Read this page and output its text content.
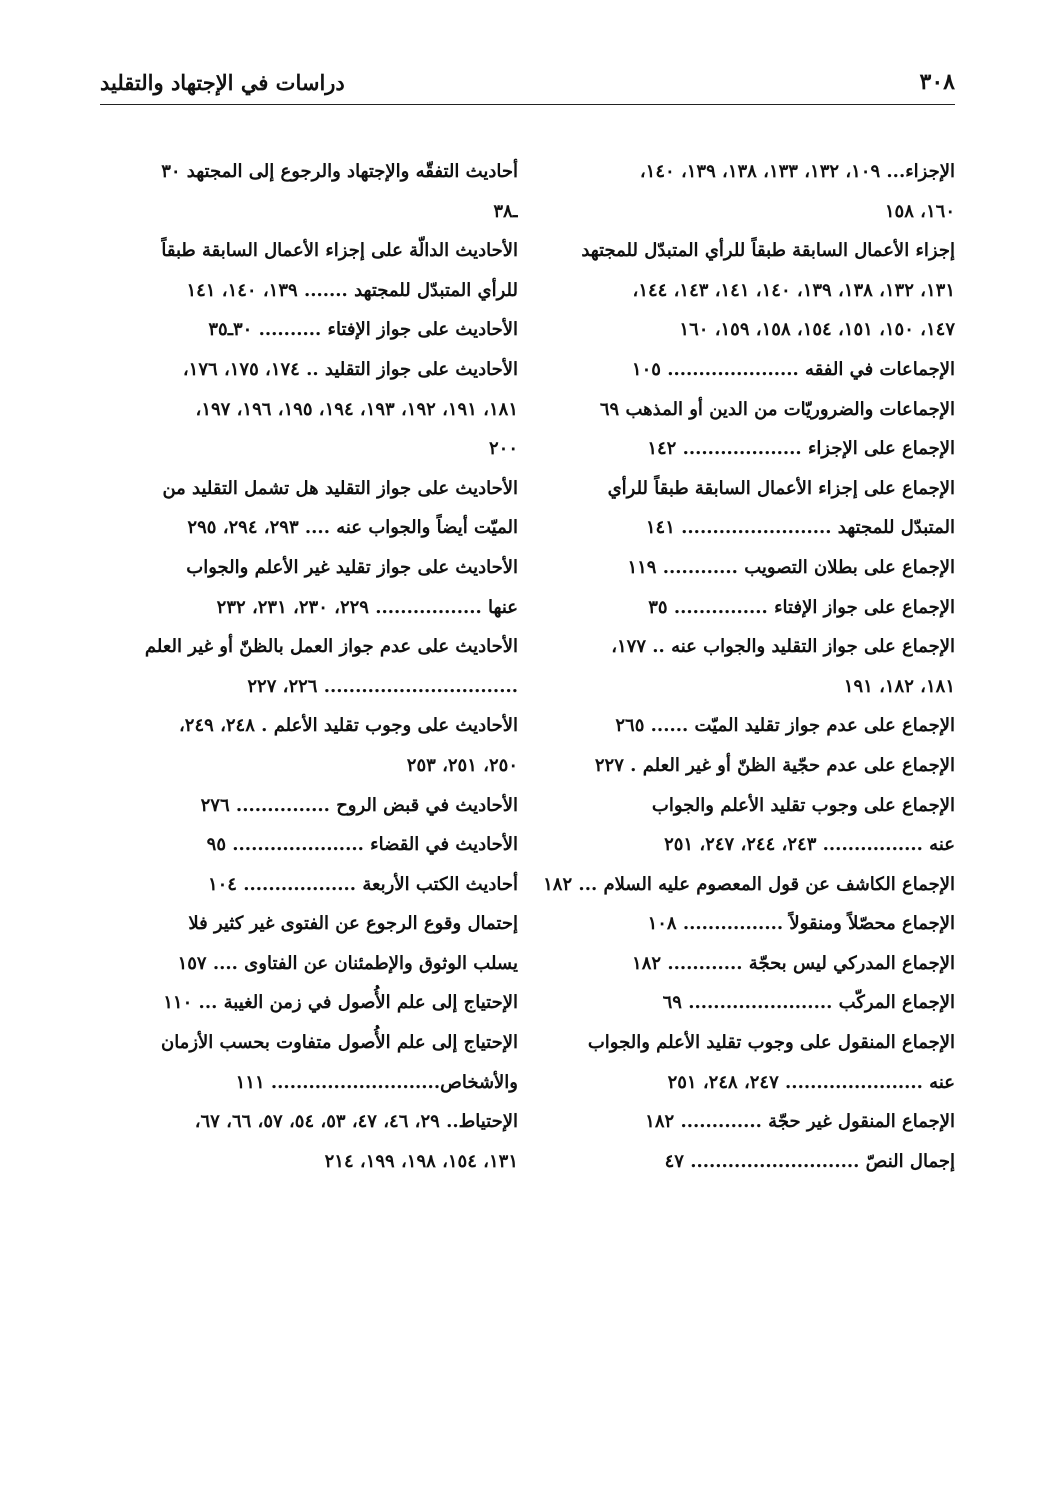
٣٠٨
دراسات في الإجتهاد والتقليد
الإجزاء... ١٠٩، ١٣٢، ١٣٣، ١٣٨، ١٣٩، ١٤٠،
١٦٠، ١٥٨
إجزاء الأعمال السابقة طبقاً للرأي المتبدّل للمجتهد
١٣١، ١٣٢، ١٣٨، ١٣٩، ١٤٠، ١٤١، ١٤٣، ١٤٤،
١٤٧، ١٥٠، ١٥١، ١٥٤، ١٥٨، ١٥٩، ١٦٠
الإجماعات في الفقه ..................... ١٠٥
الإجماعات والضروريّات من الدين أو المذهب ٦٩
الإجماع على الإجزاء ................... ١٤٢
الإجماع على إجزاء الأعمال السابقة طبقاً للرأي
المتبدّل للمجتهد ........................ ١٤١
الإجماع على بطلان التصويب ............ ١١٩
الإجماع على جواز الإفتاء ............... ٣٥
الإجماع على جواز التقليد والجواب عنه .. ١٧٧،
١٨١، ١٨٢، ١٩١
الإجماع على عدم جواز تقليد الميّت ...... ٢٦٥
الإجماع على عدم حجّية الظنّ أو غير العلم . ٢٢٧
الإجماع على وجوب تقليد الأعلم والجواب
عنه ................ ٢٤٣، ٢٤٤، ٢٤٧، ٢٥١
الإجماع الكاشف عن قول المعصوم عليه السلام ... ١٨٢
الإجماع محصّلاً ومنقولاً ................ ١٠٨
الإجماع المدركي ليس بحجّة ............ ١٨٢
الإجماع المركّب ....................... ٦٩
الإجماع المنقول على وجوب تقليد الأعلم والجواب
عنه ...................... ٢٤٧، ٢٤٨، ٢٥١
الإجماع المنقول غير حجّة ............. ١٨٢
إجمال النصّ ........................... ٤٧
أحاديث التفقّه والإجتهاد والرجوع إلى المجتهد ٣٠
ـ٣٨
الأحاديث الدالّة على إجزاء الأعمال السابقة طبقاً
للرأي المتبدّل للمجتهد ....... ١٣٩، ١٤٠، ١٤١
الأحاديث على جواز الإفتاء .......... ٣٠ـ٣٥
الأحاديث على جواز التقليد .. ١٧٤، ١٧٥، ١٧٦،
١٨١، ١٩١، ١٩٢، ١٩٣، ١٩٤، ١٩٥، ١٩٦، ١٩٧،
٢٠٠
الأحاديث على جواز التقليد هل تشمل التقليد من
الميّت أيضاً والجواب عنه .... ٢٩٣، ٢٩٤، ٢٩٥
الأحاديث على جواز تقليد غير الأعلم والجواب
عنها ................. ٢٢٩، ٢٣٠، ٢٣١، ٢٣٢
الأحاديث على عدم جواز العمل بالظنّ أو غير العلم
............................... ٢٢٦، ٢٢٧
الأحاديث على وجوب تقليد الأعلم . ٢٤٨، ٢٤٩،
٢٥٠، ٢٥١، ٢٥٣
الأحاديث في قبض الروح ............... ٢٧٦
الأحاديث في القضاء ..................... ٩٥
أحاديث الكتب الأربعة .................. ١٠٤
إحتمال وقوع الرجوع عن الفتوى غير كثير فلا
يسلب الوثوق والإطمئنان عن الفتاوى .... ١٥٧
الإحتياج إلى علم الأُصول في زمن الغيبة ... ١١٠
الإحتياج إلى علم الأُصول متفاوت بحسب الأزمان
والأشخاص........................... ١١١
الإحتياط.. ٢٩، ٤٦، ٤٧، ٥٣، ٥٤، ٥٧، ٦٦، ٦٧،
١٣١، ١٥٤، ١٩٨، ١٩٩، ٢١٤
